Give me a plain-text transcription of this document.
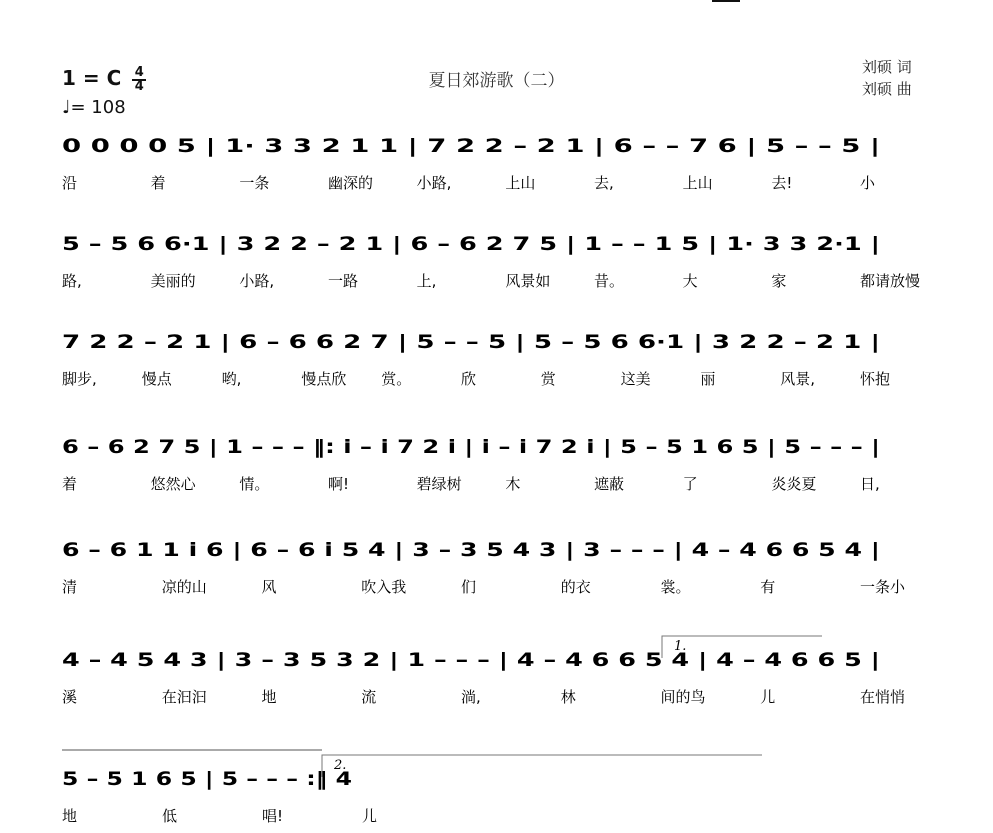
1 = C $\frac{4}{4}$
♩= 108
夏日郊游歌（二）
刘硕 词
刘硕 曲
0 0 0 0 5 | 1· 3 3 2 1 1 | 7 2 2 – 2 1 | 6 – – 7 6 | 5 – – 5 |
沿	着	一条	幽深的	小路,	上山	去,	上山	去!	小
5 – 5 6 6·1 | 3 2 2 – 2 1 | 6 – 6 2 7 5 | 1 – – 1 5 | 1· 3 3 2·1 |
路,	美丽的	小路,	一路	上,	风景如	昔。	大	家	都请放慢
7 2 2 – 2 1 | 6 – 6 6 2 7 | 5 – – 5 | 5 – 5 6 6·1 | 3 2 2 – 2 1 |
脚步,	慢点	哟,	慢点欣 赏。	欣	赏	这美	丽	风景,	怀抱
6 – 6 2 7 5 | 1 – – – ‖: i – i 7 2 i | i – i 7 2 i | 5 – 5 1 6 5 | 5 – – – |
着	悠然心	情。	啊!	碧绿树	木	遮蔽	了	炎炎夏	日,
6 – 6 1 1 i 6 | 6 – 6 i 5 4 | 3 – 3 5 4 3 | 3 – – – | 4 – 4 6 6 5 4 |
清	凉的山	风	吹入我	们	的衣	裳。	有	一条小
4 – 4 5 4 3 | 3 – 3 5 3 2 | 1 – – – | 4 – 4 6 6 5 4 | 4 – 4 6 6 5 |
溪	在汩汩	地	流	淌,	林	间的鸟	儿	在悄悄
1.
5 – 5 1 6 5 | 5 – – – :‖ 4
地	低	唱!	儿
2.
